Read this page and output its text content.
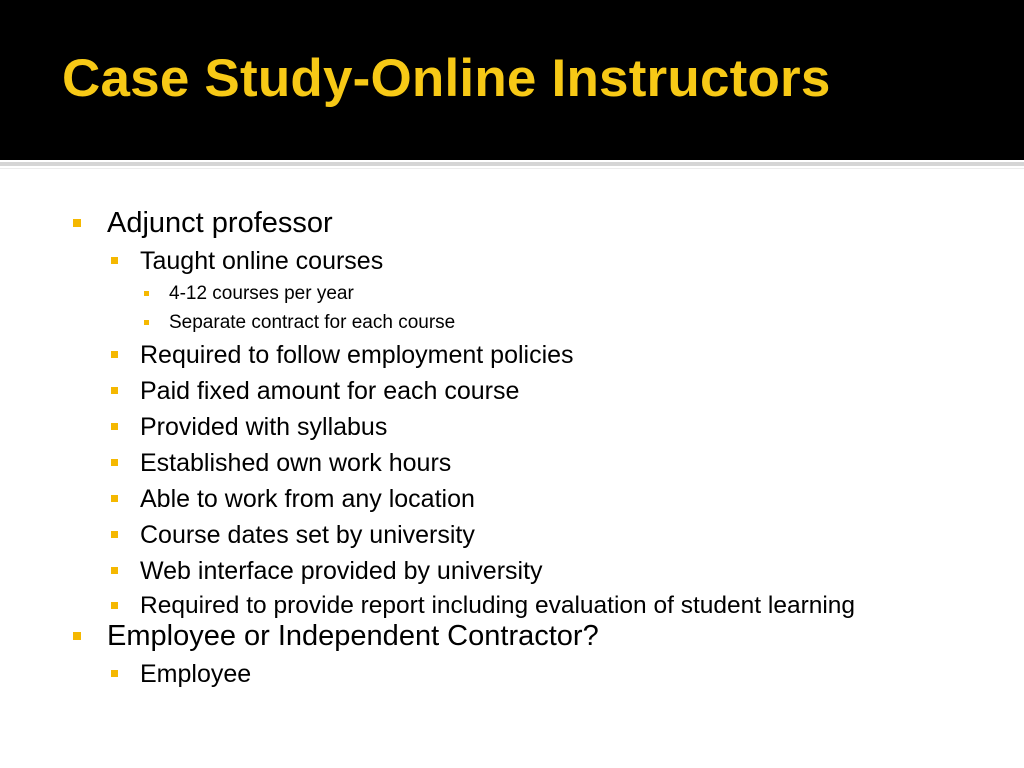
Case Study-Online Instructors
Adjunct professor
Taught online courses
4-12 courses per year
Separate contract for each course
Required to follow employment policies
Paid fixed amount for each course
Provided with syllabus
Established own work hours
Able to work from any location
Course dates set by university
Web interface provided by university
Required to provide report including evaluation of student learning
Employee or Independent Contractor?
Employee
